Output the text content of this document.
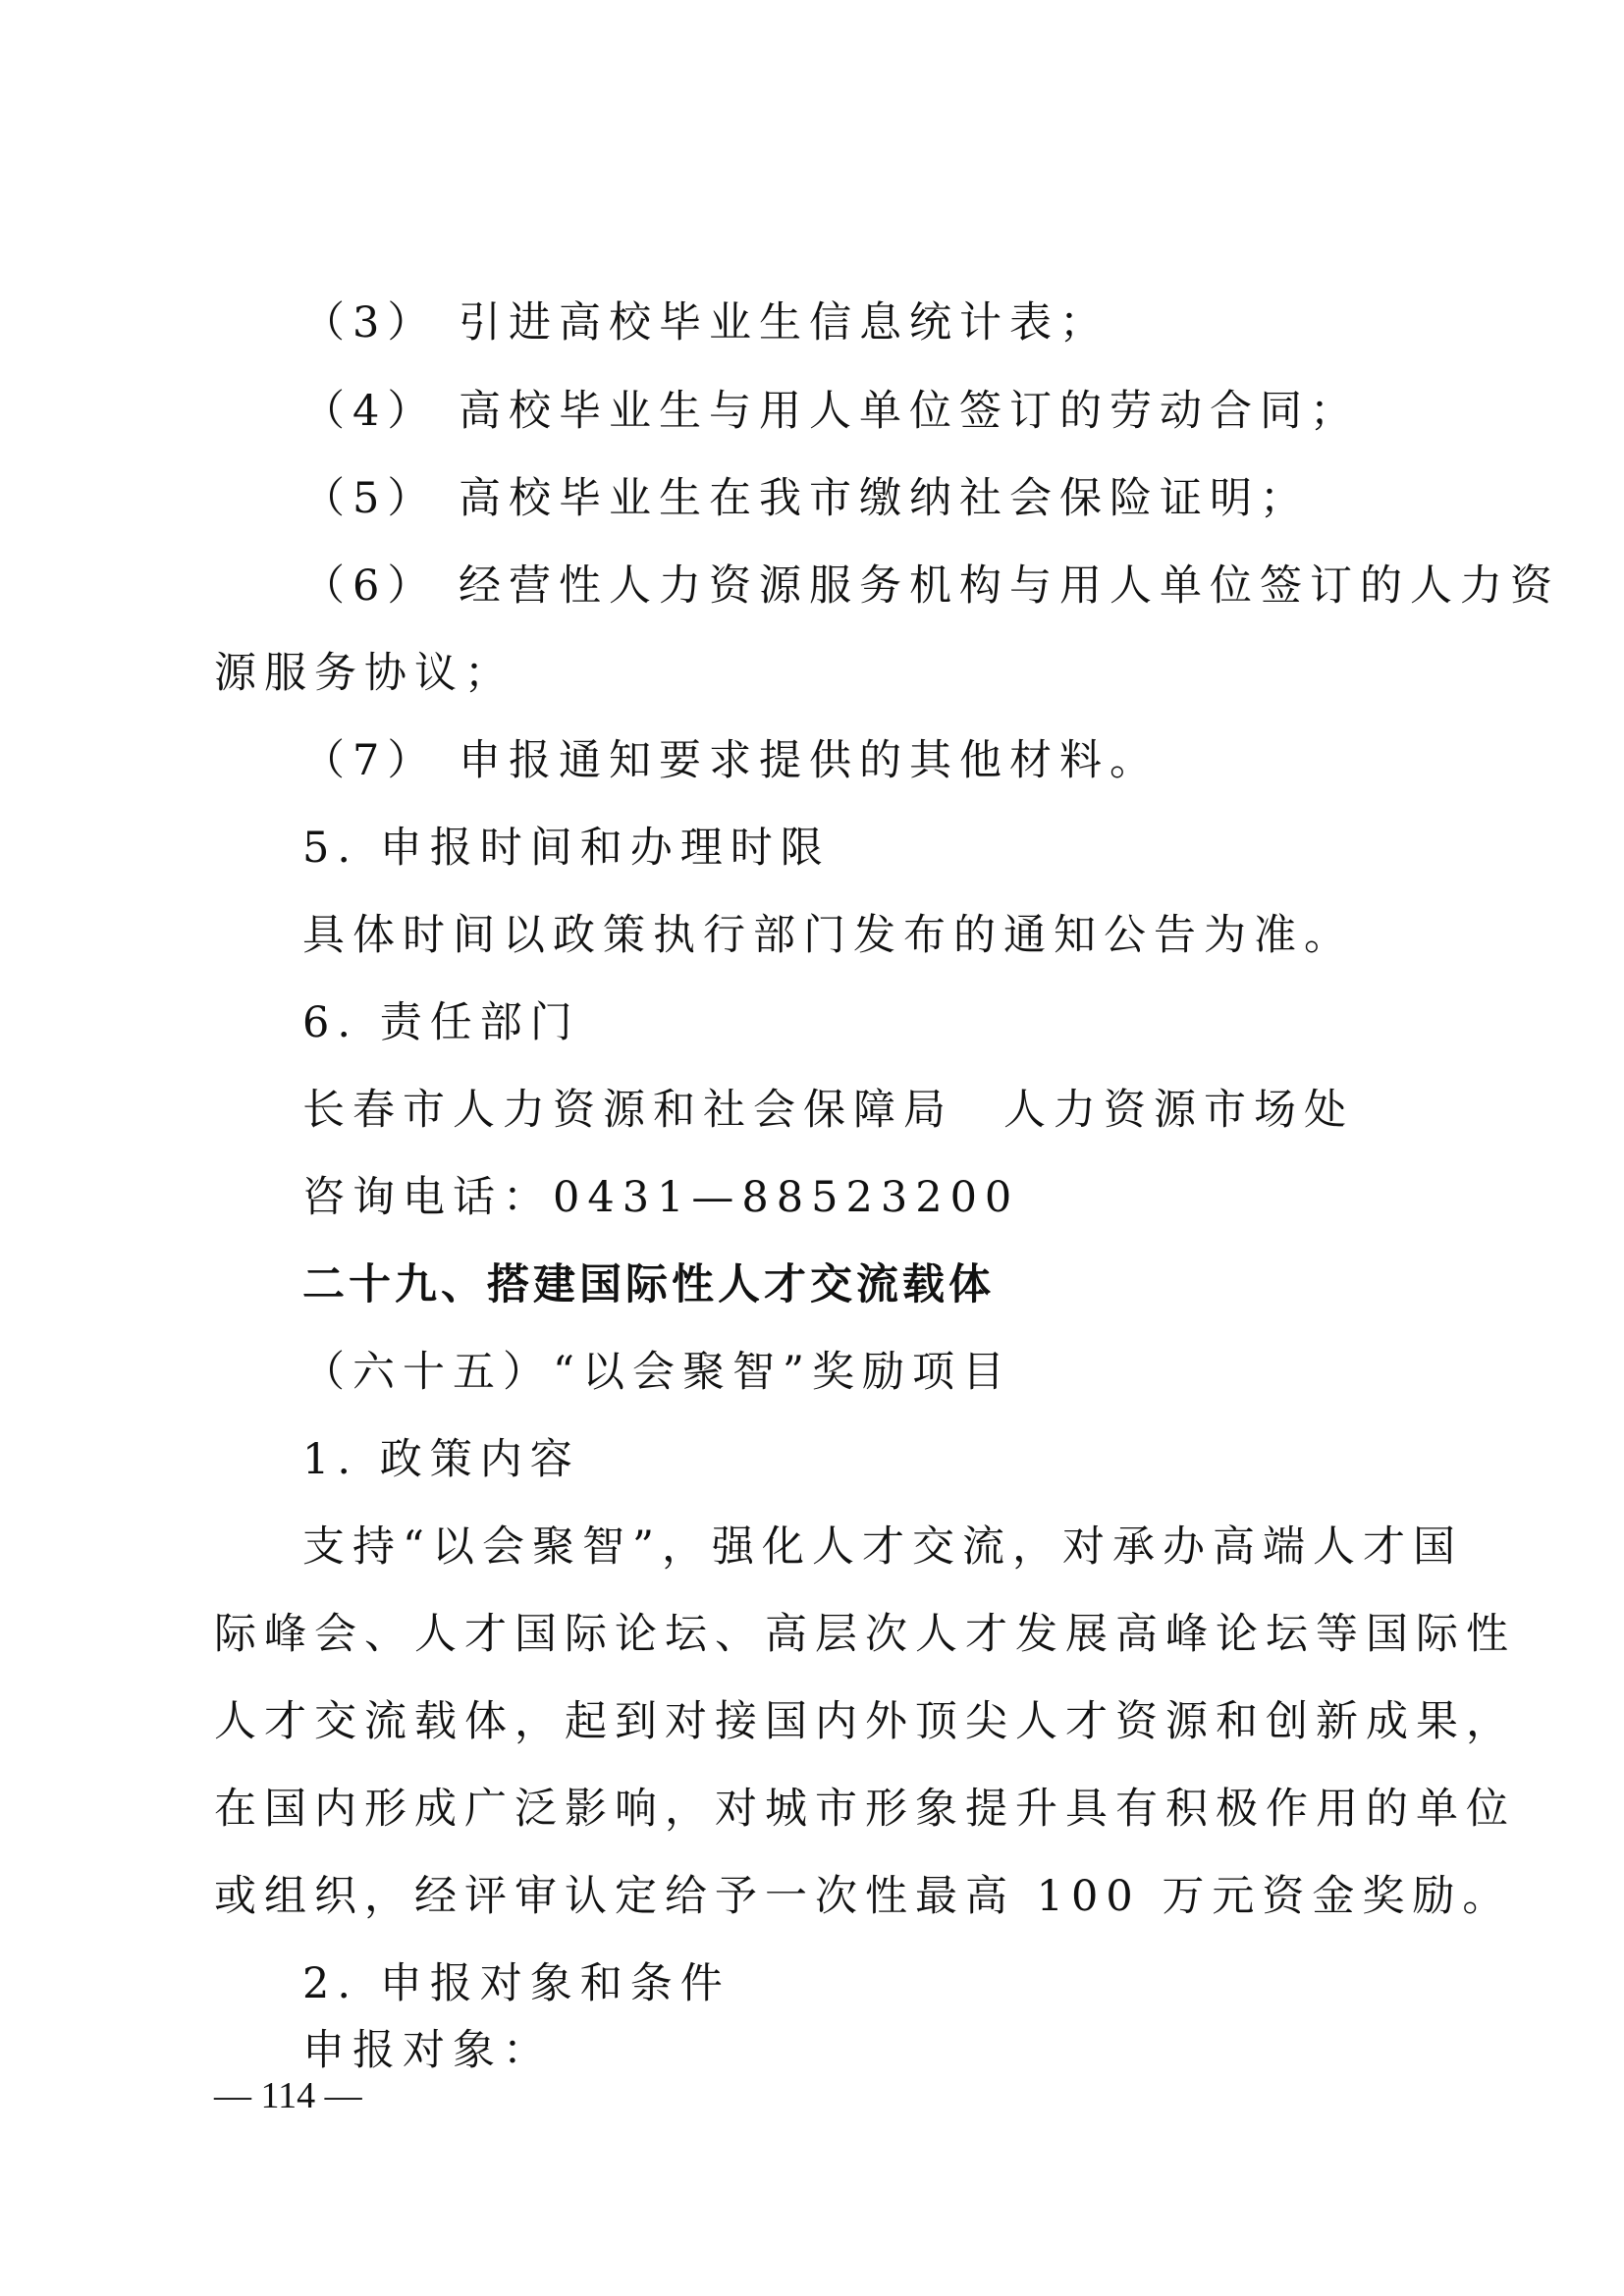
（3） 引进高校毕业生信息统计表；
（4） 高校毕业生与用人单位签订的劳动合同；
（5） 高校毕业生在我市缴纳社会保险证明；
（6） 经营性人力资源服务机构与用人单位签订的人力资
源服务协议；
（7） 申报通知要求提供的其他材料。
5. 申报时间和办理时限
具体时间以政策执行部门发布的通知公告为准。
6. 责任部门
长春市人力资源和社会保障局　人力资源市场处
咨询电话：0431—88523200
二十九、搭建国际性人才交流载体
（六十五）“以会聚智”奖励项目
1. 政策内容
支持“以会聚智”，强化人才交流，对承办高端人才国
际峰会、人才国际论坛、高层次人才发展高峰论坛等国际性
人才交流载体，起到对接国内外顶尖人才资源和创新成果，
在国内形成广泛影响，对城市形象提升具有积极作用的单位
或组织，经评审认定给予一次性最高 100 万元资金奖励。
2. 申报对象和条件
申报对象：
— 114 —
